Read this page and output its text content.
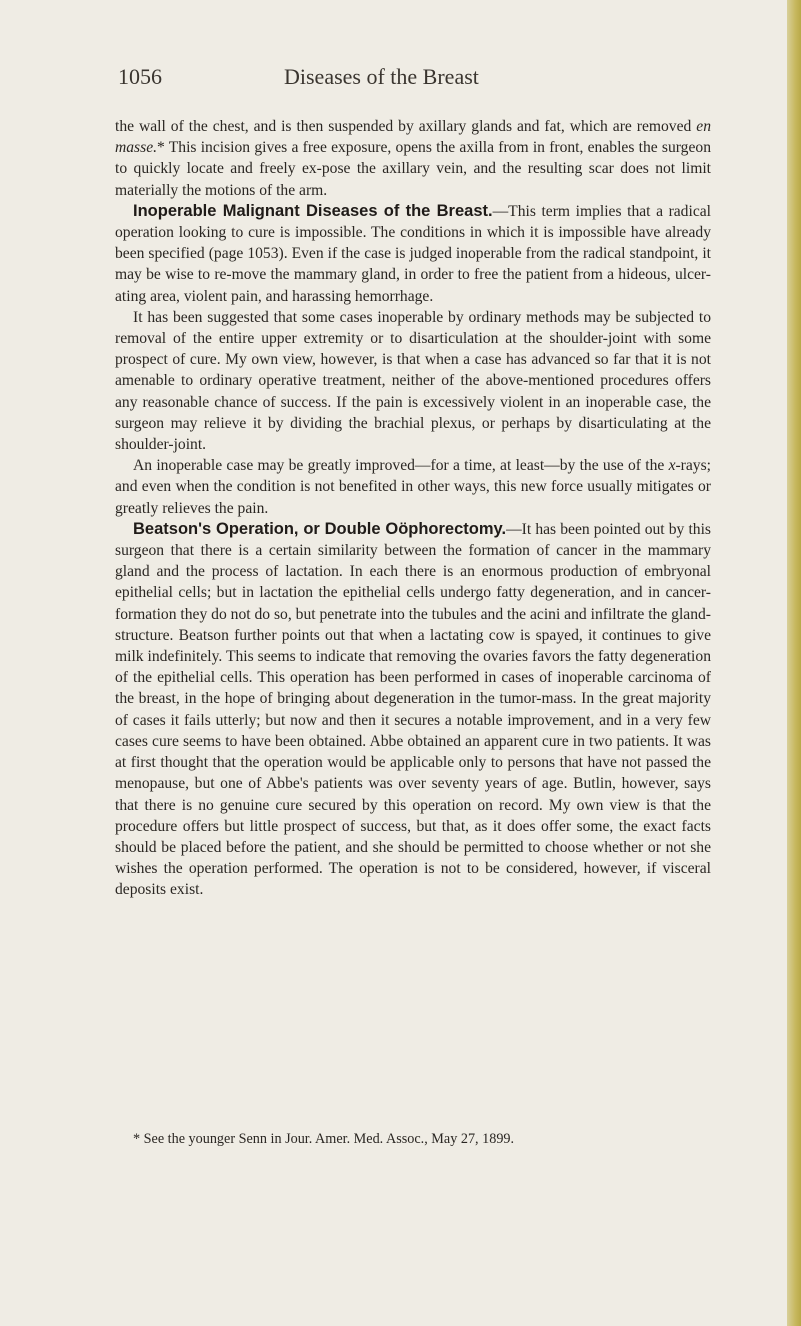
1056	Diseases of the Breast

the wall of the chest, and is then suspended by axillary glands and fat, which are removed en masse.* This incision gives a free exposure, opens the axilla from in front, enables the surgeon to quickly locate and freely ex-pose the axillary vein, and the resulting scar does not limit materially the motions of the arm.

Inoperable Malignant Diseases of the Breast.—This term implies that a radical operation looking to cure is impossible. The conditions in which it is impossible have already been specified (page 1053). Even if the case is judged inoperable from the radical standpoint, it may be wise to re-move the mammary gland, in order to free the patient from a hideous, ulcer-ating area, violent pain, and harassing hemorrhage.

It has been suggested that some cases inoperable by ordinary methods may be subjected to removal of the entire upper extremity or to disarticulation at the shoulder-joint with some prospect of cure. My own view, however, is that when a case has advanced so far that it is not amenable to ordinary operative treatment, neither of the above-mentioned procedures offers any reasonable chance of success. If the pain is excessively violent in an inoperable case, the surgeon may relieve it by dividing the brachial plexus, or perhaps by disarticulating at the shoulder-joint.

An inoperable case may be greatly improved—for a time, at least—by the use of the x-rays; and even when the condition is not benefited in other ways, this new force usually mitigates or greatly relieves the pain.

Beatson's Operation, or Double Oöphorectomy.—It has been pointed out by this surgeon that there is a certain similarity between the formation of cancer in the mammary gland and the process of lactation. In each there is an enormous production of embryonal epithelial cells; but in lactation the epithelial cells undergo fatty degeneration, and in cancer-formation they do not do so, but penetrate into the tubules and the acini and infiltrate the gland-structure. Beatson further points out that when a lactating cow is spayed, it continues to give milk indefinitely. This seems to indicate that removing the ovaries favors the fatty degeneration of the epithelial cells. This operation has been performed in cases of inoperable carcinoma of the breast, in the hope of bringing about degeneration in the tumor-mass. In the great majority of cases it fails utterly; but now and then it secures a notable improvement, and in a very few cases cure seems to have been obtained. Abbe obtained an apparent cure in two patients. It was at first thought that the operation would be applicable only to persons that have not passed the menopause, but one of Abbe's patients was over seventy years of age. Butlin, however, says that there is no genuine cure secured by this operation on record. My own view is that the procedure offers but little prospect of success, but that, as it does offer some, the exact facts should be placed before the patient, and she should be permitted to choose whether or not she wishes the operation performed. The operation is not to be considered, however, if visceral deposits exist.

* See the younger Senn in Jour. Amer. Med. Assoc., May 27, 1899.
